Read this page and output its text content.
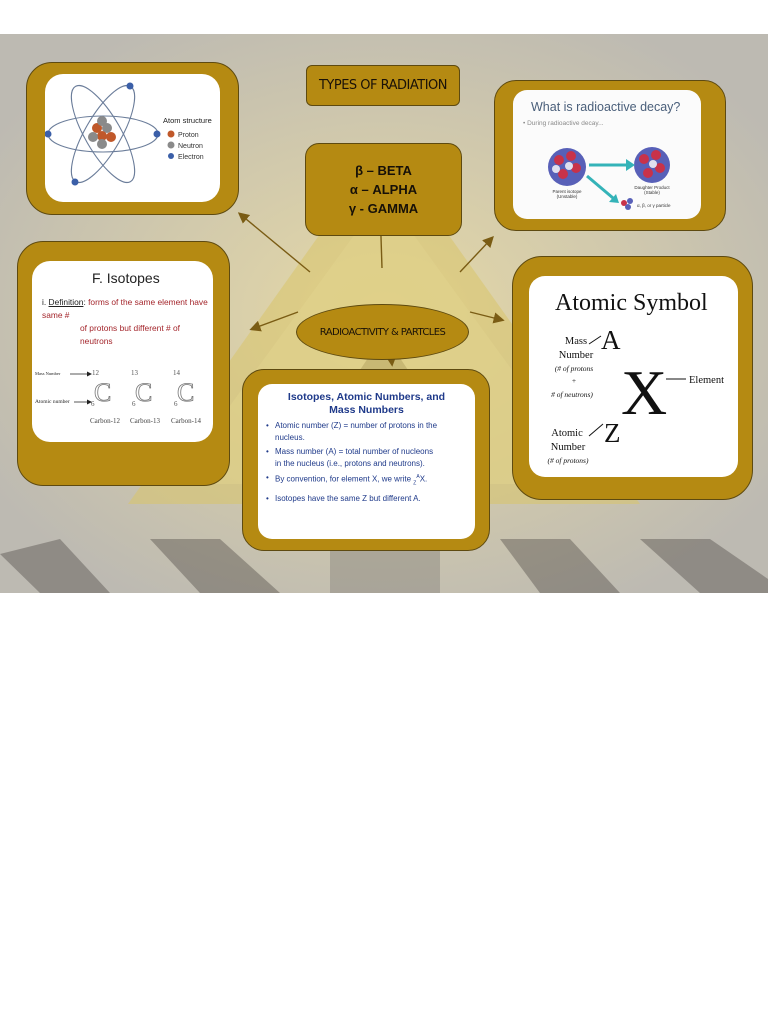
Atom structure
Proton
Neutron
Electron
TYPES OF RADIATION
β – BETA
α – ALPHA
γ - GAMMA
What is radioactive decay?
• During radioactive decay...
Parent isotope
(Unstable)
Daughter Product
(Stable)
α, β, or γ particle
F. Isotopes
i. Definition: forms of the same element have same #
of protons but different # of
neutrons
Mass Number
Atomic number
12
C
6
Carbon-12
13
C
6
Carbon-13
14
C
6
Carbon-14
RADIOACTIVITY & PARTCLES
Isotopes, Atomic Numbers, and
Mass Numbers
• Atomic number (Z) = number of protons in the
nucleus.
• Mass number (A) = total number of nucleons
in the nucleus (i.e., protons and neutrons).
• By convention, for element X, we write $_Z^A$X.
• Isotopes have the same Z but different A.
Atomic Symbol
Mass
Number
(# of protons
+
# of neutrons)
A
X Element
Z
Atomic
Number
(# of protons)
